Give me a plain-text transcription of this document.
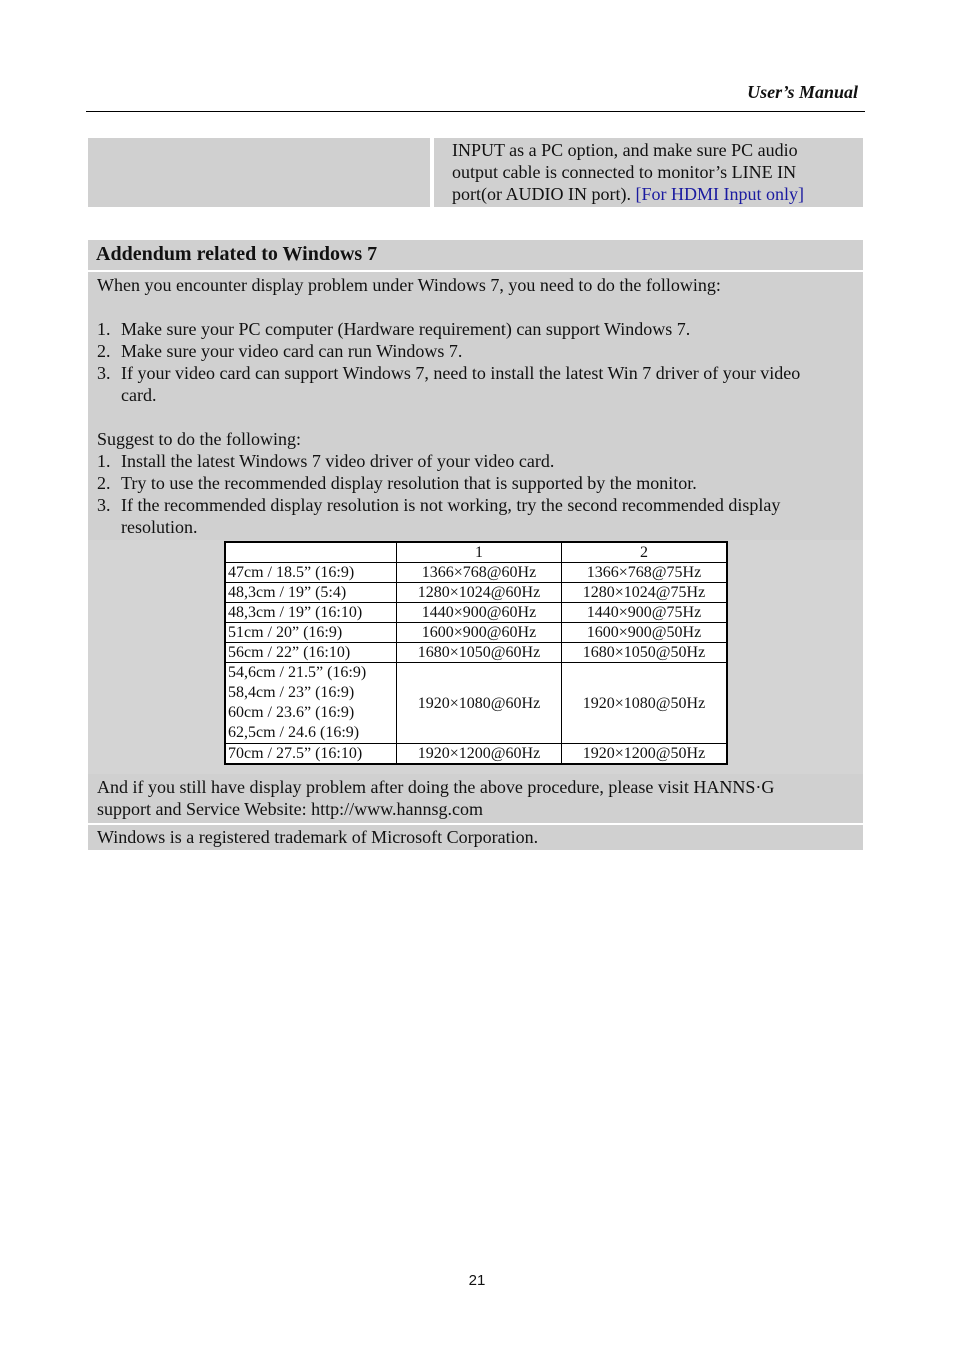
User’s Manual
INPUT as a PC option, and make sure PC audio
output cable is connected to monitor’s LINE IN
port(or AUDIO IN port). [For HDMI Input only]
Addendum related to Windows 7
When you encounter display problem under Windows 7, you need to do the following:
1. Make sure your PC computer (Hardware requirement) can support Windows 7.
2. Make sure your video card can run Windows 7.
3. If your video card can support Windows 7, need to install the latest Win 7 driver of your video
card.
Suggest to do the following:
1. Install the latest Windows 7 video driver of your video card.
2. Try to use the recommended display resolution that is supported by the monitor.
3. If the recommended display resolution is not working, try the second recommended display
resolution.
	1	2
47cm / 18.5” (16:9)	1366×768@60Hz	1366×768@75Hz
48,3cm / 19” (5:4)	1280×1024@60Hz	1280×1024@75Hz
48,3cm / 19” (16:10)	1440×900@60Hz	1440×900@75Hz
51cm / 20” (16:9)	1600×900@60Hz	1600×900@50Hz
56cm / 22” (16:10)	1680×1050@60Hz	1680×1050@50Hz

54,6cm / 21.5” (16:9)
58,4cm / 23” (16:9)
60cm / 23.6” (16:9)
62,5cm / 24.6 (16:9)	1920×1080@60Hz	1920×1080@50Hz
70cm / 27.5” (16:10)	1920×1200@60Hz	1920×1200@50Hz
And if you still have display problem after doing the above procedure, please visit HANNS·G
support and Service Website: http://www.hannsg.com
Windows is a registered trademark of Microsoft Corporation.
21
